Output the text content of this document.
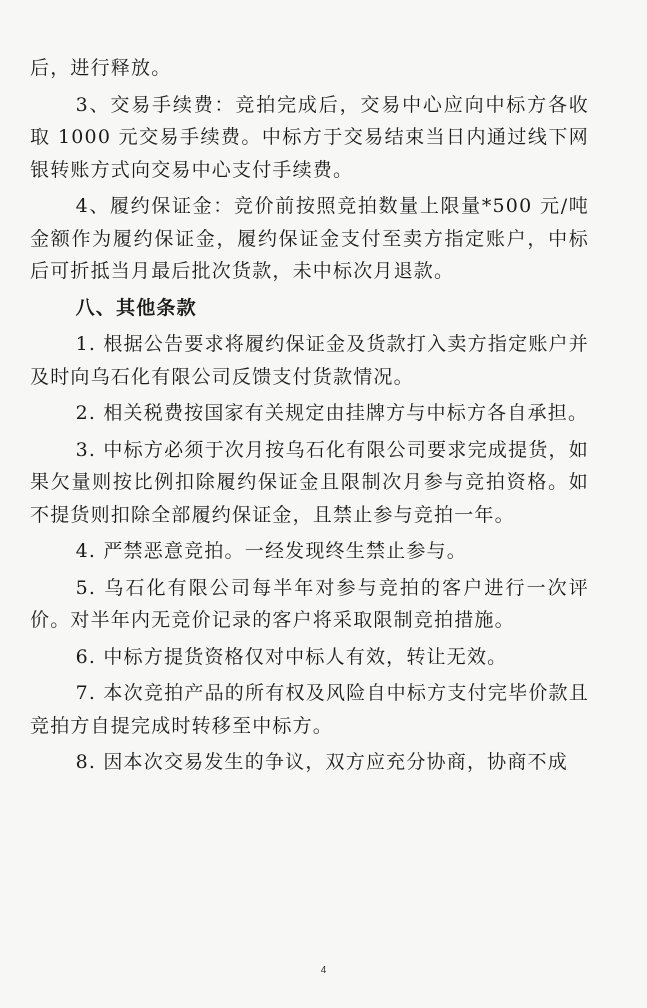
后，进行释放。

3、交易手续费：竞拍完成后，交易中心应向中标方各收取 1000 元交易手续费。中标方于交易结束当日内通过线下网银转账方式向交易中心支付手续费。

4、履约保证金：竞价前按照竞拍数量上限量*500 元/吨金额作为履约保证金，履约保证金支付至卖方指定账户，中标后可折抵当月最后批次货款，未中标次月退款。

八、其他条款

1. 根据公告要求将履约保证金及货款打入卖方指定账户并及时向乌石化有限公司反馈支付货款情况。

2. 相关税费按国家有关规定由挂牌方与中标方各自承担。

3. 中标方必须于次月按乌石化有限公司要求完成提货，如果欠量则按比例扣除履约保证金且限制次月参与竞拍资格。如不提货则扣除全部履约保证金，且禁止参与竞拍一年。

4. 严禁恶意竞拍。一经发现终生禁止参与。

5. 乌石化有限公司每半年对参与竞拍的客户进行一次评价。对半年内无竞价记录的客户将采取限制竞拍措施。

6. 中标方提货资格仅对中标人有效，转让无效。

7. 本次竞拍产品的所有权及风险自中标方支付完毕价款且竞拍方自提完成时转移至中标方。

8. 因本次交易发生的争议，双方应充分协商，协商不成

4
